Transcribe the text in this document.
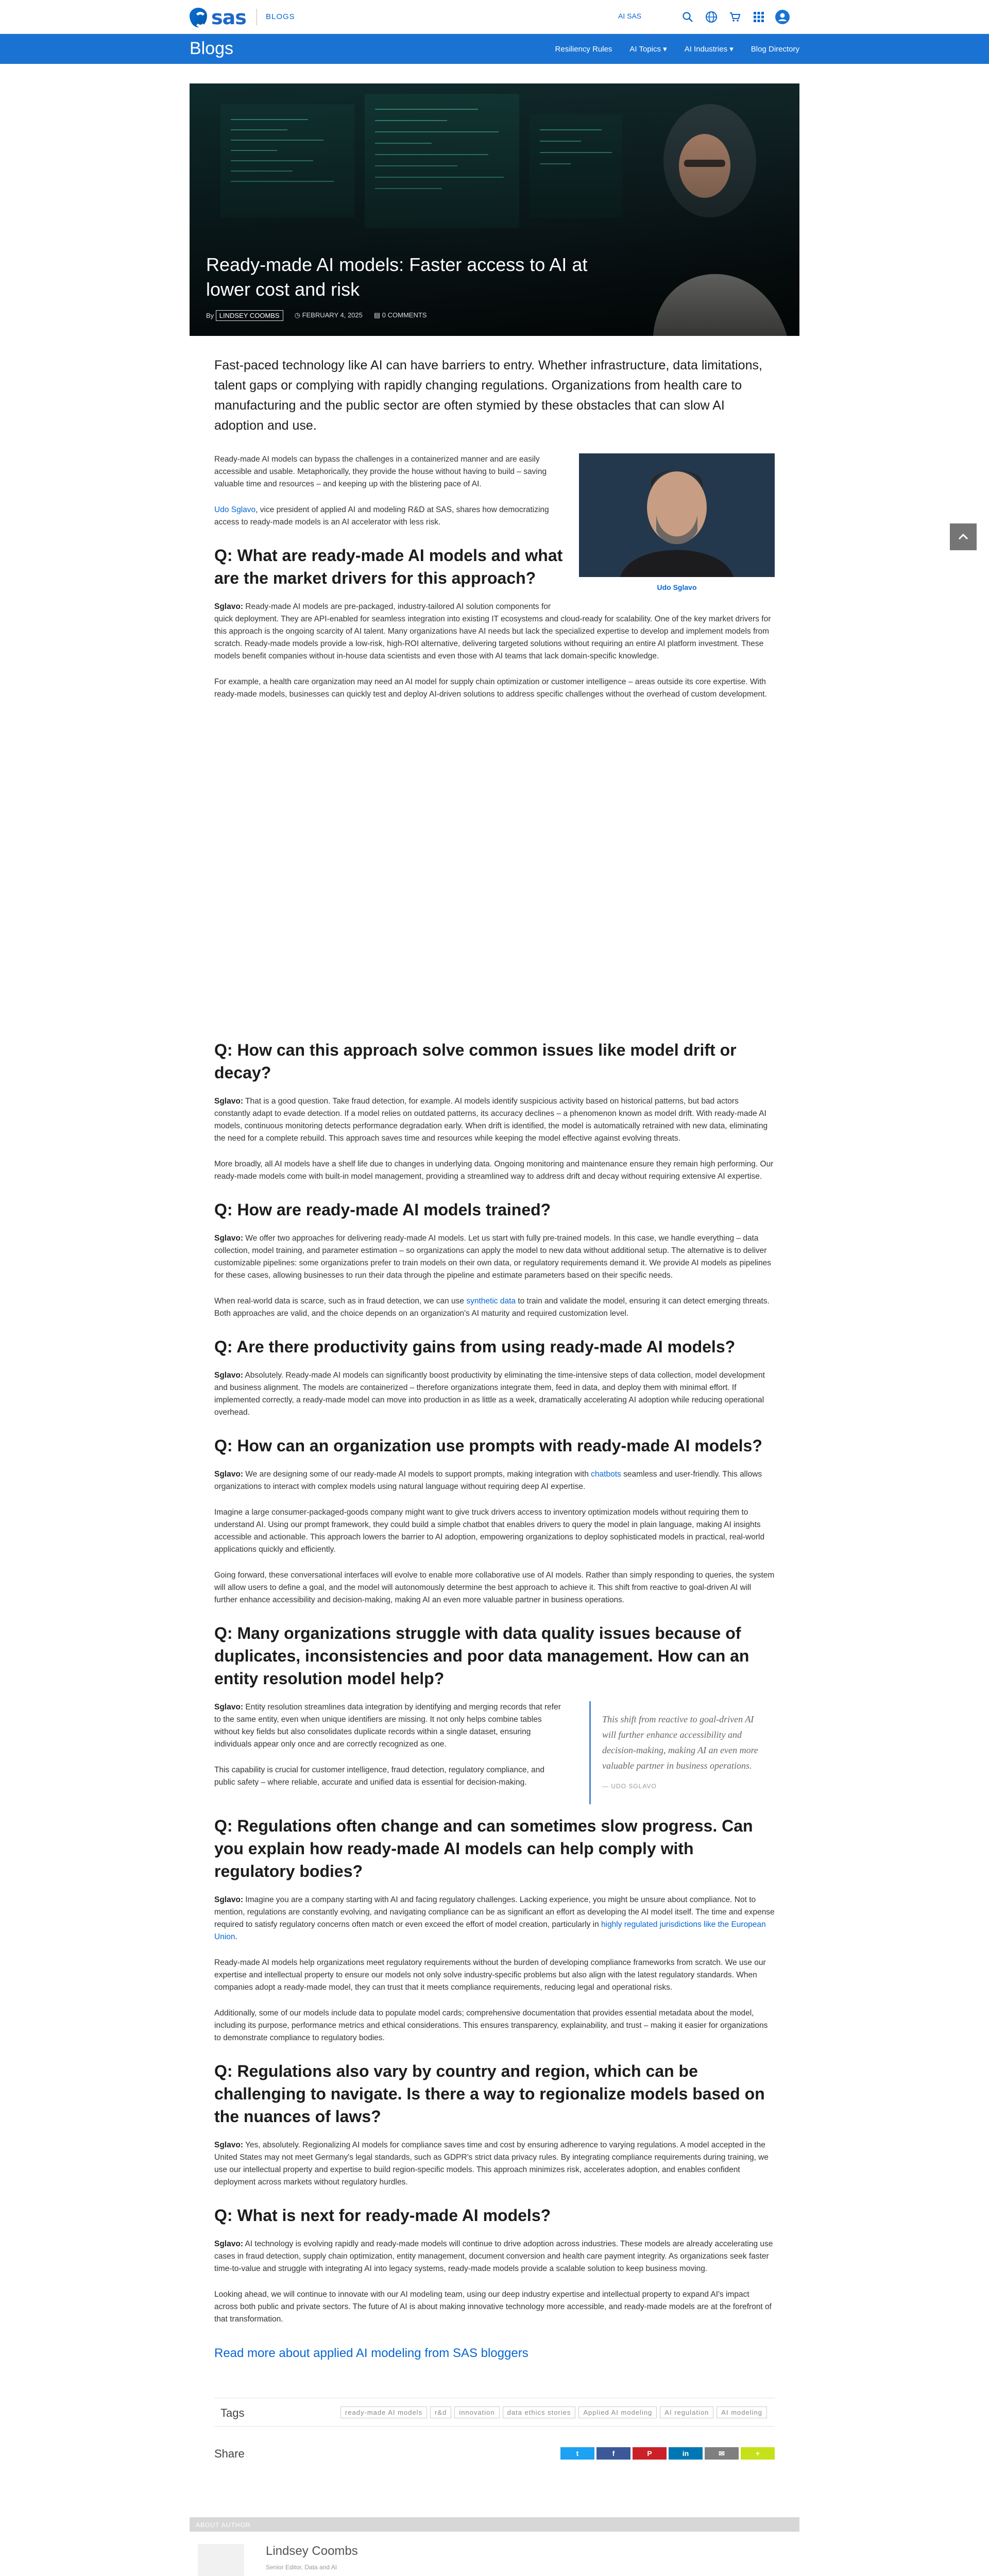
sas	BLOGS	AI SAS
Blogs	Resiliency Rules AI Topics ▾ AI Industries ▾ Blog Directory
Ready-made AI models: Faster access to AI at lower cost and risk
By LINDSEY COOMBS	◷ FEBRUARY 4, 2025 ▤ 0 COMMENTS

Fast-paced technology like AI can have barriers to entry. Whether infrastructure, data limitations, talent gaps or complying with rapidly changing regulations. Organizations from health care to manufacturing and the public sector are often stymied by these obstacles that can slow AI adoption and use.

Udo Sglavo

Ready-made AI models can bypass the challenges in a containerized manner and are easily accessible and usable. Metaphorically, they provide the house without having to build – saving valuable time and resources – and keeping up with the blistering pace of AI.

Udo Sglavo, vice president of applied AI and modeling R&D at SAS, shares how democratizing access to ready-made models is an AI accelerator with less risk.

Q: What are ready-made AI models and what are the market drivers for this approach?

Sglavo: Ready-made AI models are pre-packaged, industry-tailored AI solution components for quick deployment. They are API-enabled for seamless integration into existing IT ecosystems and cloud-ready for scalability. One of the key market drivers for this approach is the ongoing scarcity of AI talent. Many organizations have AI needs but lack the specialized expertise to develop and implement models from scratch. Ready-made models provide a low-risk, high-ROI alternative, delivering targeted solutions without requiring an entire AI platform investment. These models benefit companies without in-house data scientists and even those with AI teams that lack domain-specific knowledge.

For example, a health care organization may need an AI model for supply chain optimization or customer intelligence – areas outside its core expertise. With ready-made models, businesses can quickly test and deploy AI-driven solutions to address specific challenges without the overhead of custom development.

Q: How can this approach solve common issues like model drift or decay?

Sglavo: That is a good question. Take fraud detection, for example. AI models identify suspicious activity based on historical patterns, but bad actors constantly adapt to evade detection. If a model relies on outdated patterns, its accuracy declines – a phenomenon known as model drift. With ready-made AI models, continuous monitoring detects performance degradation early. When drift is identified, the model is automatically retrained with new data, eliminating the need for a complete rebuild. This approach saves time and resources while keeping the model effective against evolving threats.

More broadly, all AI models have a shelf life due to changes in underlying data. Ongoing monitoring and maintenance ensure they remain high performing. Our ready-made models come with built-in model management, providing a streamlined way to address drift and decay without requiring extensive AI expertise.

Q: How are ready-made AI models trained?

Sglavo: We offer two approaches for delivering ready-made AI models. Let us start with fully pre-trained models. In this case, we handle everything – data collection, model training, and parameter estimation – so organizations can apply the model to new data without additional setup. The alternative is to deliver customizable pipelines: some organizations prefer to train models on their own data, or regulatory requirements demand it. We provide AI models as pipelines for these cases, allowing businesses to run their data through the pipeline and estimate parameters based on their specific needs.

When real-world data is scarce, such as in fraud detection, we can use synthetic data to train and validate the model, ensuring it can detect emerging threats. Both approaches are valid, and the choice depends on an organization's AI maturity and required customization level.

Q: Are there productivity gains from using ready-made AI models?

Sglavo: Absolutely. Ready-made AI models can significantly boost productivity by eliminating the time-intensive steps of data collection, model development and business alignment. The models are containerized – therefore organizations integrate them, feed in data, and deploy them with minimal effort. If implemented correctly, a ready-made model can move into production in as little as a week, dramatically accelerating AI adoption while reducing operational overhead.

Q: How can an organization use prompts with ready-made AI models?

Sglavo: We are designing some of our ready-made AI models to support prompts, making integration with chatbots seamless and user-friendly. This allows organizations to interact with complex models using natural language without requiring deep AI expertise.

Imagine a large consumer-packaged-goods company might want to give truck drivers access to inventory optimization models without requiring them to understand AI. Using our prompt framework, they could build a simple chatbot that enables drivers to query the model in plain language, making AI insights accessible and actionable. This approach lowers the barrier to AI adoption, empowering organizations to deploy sophisticated models in practical, real-world applications quickly and efficiently.

Going forward, these conversational interfaces will evolve to enable more collaborative use of AI models. Rather than simply responding to queries, the system will allow users to define a goal, and the model will autonomously determine the best approach to achieve it. This shift from reactive to goal-driven AI will further enhance accessibility and decision-making, making AI an even more valuable partner in business operations.

Q: Many organizations struggle with data quality issues because of duplicates, inconsistencies and poor data management. How can an entity resolution model help?
This shift from reactive to goal-driven AI will further enhance accessibility and decision-making, making AI an even more valuable partner in business operations.
— UDO SGLAVO

Sglavo: Entity resolution streamlines data integration by identifying and merging records that refer to the same entity, even when unique identifiers are missing. It not only helps combine tables without key fields but also consolidates duplicate records within a single dataset, ensuring individuals appear only once and are correctly recognized as one.

This capability is crucial for customer intelligence, fraud detection, regulatory compliance, and public safety – where reliable, accurate and unified data is essential for decision-making.

Q: Regulations often change and can sometimes slow progress. Can you explain how ready-made AI models can help comply with regulatory bodies?

Sglavo: Imagine you are a company starting with AI and facing regulatory challenges. Lacking experience, you might be unsure about compliance. Not to mention, regulations are constantly evolving, and navigating compliance can be as significant an effort as developing the AI model itself. The time and expense required to satisfy regulatory concerns often match or even exceed the effort of model creation, particularly in highly regulated jurisdictions like the European Union.

Ready-made AI models help organizations meet regulatory requirements without the burden of developing compliance frameworks from scratch. We use our expertise and intellectual property to ensure our models not only solve industry-specific problems but also align with the latest regulatory standards. When companies adopt a ready-made model, they can trust that it meets compliance requirements, reducing legal and operational risks.

Additionally, some of our models include data to populate model cards; comprehensive documentation that provides essential metadata about the model, including its purpose, performance metrics and ethical considerations. This ensures transparency, explainability, and trust – making it easier for organizations to demonstrate compliance to regulatory bodies.

Q: Regulations also vary by country and region, which can be challenging to navigate. Is there a way to regionalize models based on the nuances of laws?

Sglavo: Yes, absolutely. Regionalizing AI models for compliance saves time and cost by ensuring adherence to varying regulations. A model accepted in the United States may not meet Germany's legal standards, such as GDPR's strict data privacy rules. By integrating compliance requirements during training, we use our intellectual property and expertise to build region-specific models. This approach minimizes risk, accelerates adoption, and enables confident deployment across markets without regulatory hurdles.

Q: What is next for ready-made AI models?

Sglavo: AI technology is evolving rapidly and ready-made models will continue to drive adoption across industries. These models are already accelerating use cases in fraud detection, supply chain optimization, entity management, document conversion and health care payment integrity. As organizations seek faster time-to-value and struggle with integrating AI into legacy systems, ready-made models provide a scalable solution to keep business moving.

Looking ahead, we will continue to innovate with our AI modeling team, using our deep industry expertise and intellectual property to expand AI's impact across both public and private sectors. The future of AI is about making innovative technology more accessible, and ready-made models are at the forefront of that transformation.

Read more about applied AI modeling from SAS bloggers
Tags	ready-made AI models	r&d	innovation	data ethics stories	Applied AI modeling	AI regulation	AI modeling
Share	t	f	P	in	✉	+
ABOUT AUTHOR
Lindsey Coombs
Senior Editor, Data and AI
